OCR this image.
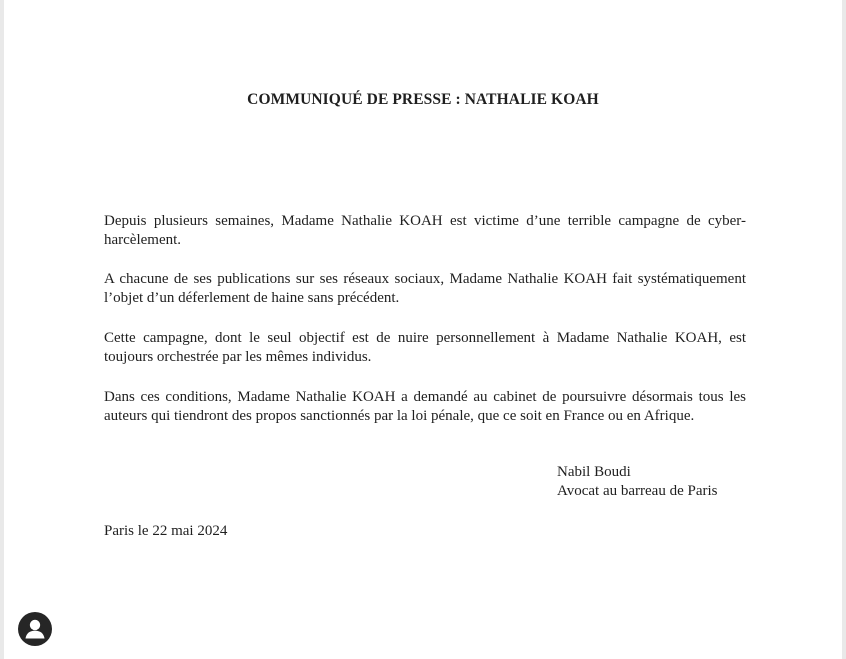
COMMUNIQUÉ DE PRESSE : NATHALIE KOAH

Depuis plusieurs semaines, Madame Nathalie KOAH est victime d’une terrible campagne de cyber-harcèlement.

A chacune de ses publications sur ses réseaux sociaux, Madame Nathalie KOAH fait systématiquement l’objet d’un déferlement de haine sans précédent.

Cette campagne, dont le seul objectif est de nuire personnellement à Madame Nathalie KOAH, est toujours orchestrée par les mêmes individus.

Dans ces conditions, Madame Nathalie KOAH a demandé au cabinet de poursuivre désormais tous les auteurs qui tiendront des propos sanctionnés par la loi pénale, que ce soit en France ou en Afrique.

Nabil Boudi
Avocat au barreau de Paris
Paris le 22 mai 2024
